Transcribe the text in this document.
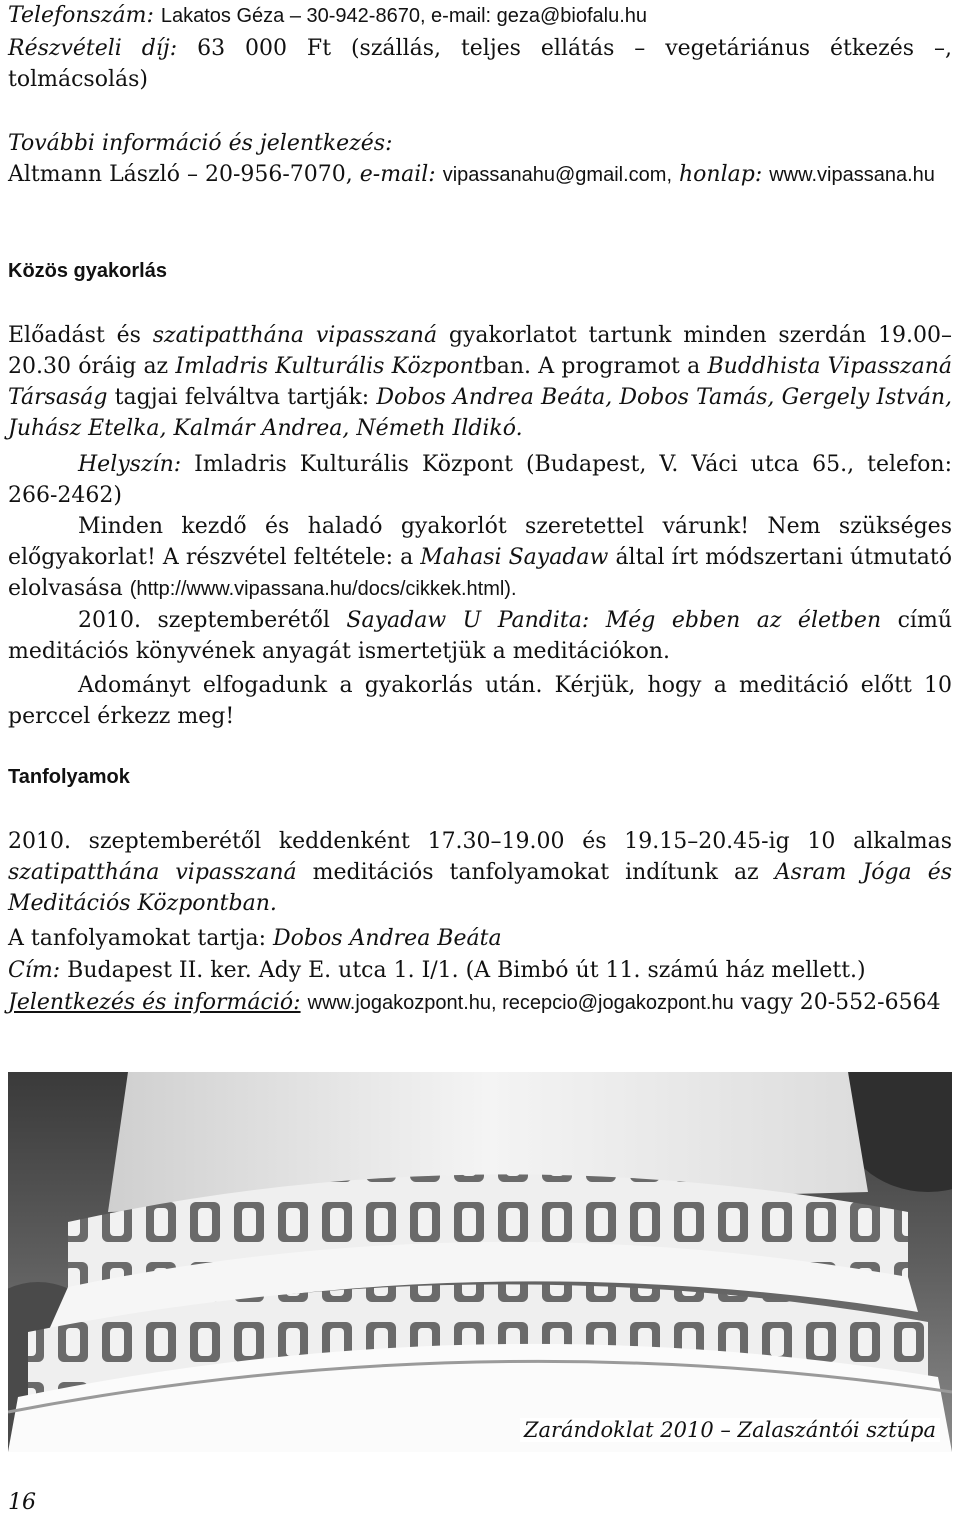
Telefonszám: Lakatos Géza – 30-942-8670, e-mail: geza@biofalu.hu

Részvételi díj: 63 000 Ft (szállás, teljes ellátás – vegetáriánus étkezés –, tolmácsolás)

További információ és jelentkezés:
Altmann László – 20-956-7070, e-mail: vipassanahu@gmail.com, honlap: www.vipassana.hu

Közös gyakorlás

Előadást és szatipatthána vipasszaná gyakorlatot tartunk minden szerdán 19.00–20.30 óráig az Imladris Kulturális Központban. A programot a Buddhista Vipasszaná Társaság tagjai felváltva tartják: Dobos Andrea Beáta, Dobos Tamás, Gergely István, Juhász Etelka, Kalmár Andrea, Németh Ildikó.

Helyszín: Imladris Kulturális Központ (Budapest, V. Váci utca 65., telefon: 266-2462)

Minden kezdő és haladó gyakorlót szeretettel várunk! Nem szükséges előgyakorlat! A részvétel feltétele: a Mahasi Sayadaw által írt módszertani útmutató elolvasása (http://www.vipassana.hu/docs/cikkek.html).

2010. szeptemberétől Sayadaw U Pandita: Még ebben az életben című meditációs könyvének anyagát ismertetjük a meditációkon.

Adományt elfogadunk a gyakorlás után. Kérjük, hogy a meditáció előtt 10 perccel érkezz meg!

Tanfolyamok

2010. szeptemberétől keddenként 17.30–19.00 és 19.15–20.45-ig 10 alkalmas szatipatthána vipasszaná meditációs tanfolyamokat indítunk az Asram Jóga és Meditációs Központban.

A tanfolyamokat tartja: Dobos Andrea Beáta

Cím: Budapest II. ker. Ady E. utca 1. I/1. (A Bimbó út 11. számú ház mellett.)

Jelentkezés és információ: www.jogakozpont.hu, recepcio@jogakozpont.hu vagy 20-552-6564

Zarándoklat 2010 – Zalaszántói sztúpa
16
